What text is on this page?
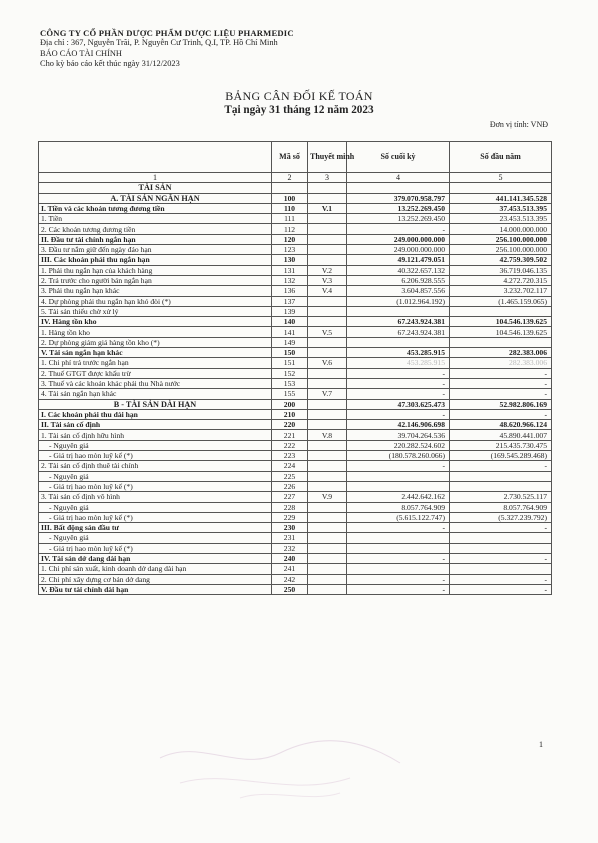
CÔNG TY CỔ PHẦN DƯỢC PHẨM DƯỢC LIỆU PHARMEDIC
Địa chỉ : 367, Nguyễn Trãi, P. Nguyễn Cư Trinh, Q.I, TP. Hồ Chí Minh
BÁO CÁO TÀI CHÍNH
Cho kỳ báo cáo kết thúc ngày 31/12/2023
BẢNG CÂN ĐỐI KẾ TOÁN
Tại ngày 31 tháng 12 năm 2023
Đơn vị tính: VNĐ
	Mã số	Thuyết minh	Số cuối kỳ	Số đầu năm
1	2	3	4	5
TÀI SẢN				
A. TÀI SẢN NGẮN HẠN	100		379.070.958.797	441.141.345.528
I. Tiền và các khoản tương đương tiền	110	V.1	13.252.269.450	37.453.513.395
1. Tiền	111		13.252.269.450	23.453.513.395
2. Các khoản tương đương tiền	112		-	14.000.000.000
II. Đầu tư tài chính ngắn hạn	120		249.000.000.000	256.100.000.000
3. Đầu tư nắm giữ đến ngày đáo hạn	123		249.000.000.000	256.100.000.000
III. Các khoản phải thu ngắn hạn	130		49.121.479.051	42.759.309.502
1. Phải thu ngắn hạn của khách hàng	131	V.2	40.322.657.132	36.719.046.135
2. Trả trước cho người bán ngắn hạn	132	V.3	6.206.928.555	4.272.720.315
3. Phải thu ngắn hạn khác	136	V.4	3.604.857.556	3.232.702.117
4. Dự phòng phải thu ngắn hạn khó đòi (*)	137		(1.012.964.192)	(1.465.159.065)
5. Tài sản thiếu chờ xử lý	139			
IV. Hàng tồn kho	140		67.243.924.381	104.546.139.625
1. Hàng tồn kho	141	V.5	67.243.924.381	104.546.139.625
2. Dự phòng giảm giá hàng tồn kho (*)	149			
V. Tài sản ngắn hạn khác	150		453.285.915	282.383.006
1. Chi phí trả trước ngắn hạn	151	V.6	453.285.915	282.383.006
2. Thuế GTGT được khấu trừ	152		-	-
3. Thuế và các khoản khác phải thu Nhà nước	153		-	-
4. Tài sản ngắn hạn khác	155	V.7	-	-
B - TÀI SẢN DÀI HẠN	200		47.303.625.473	52.982.806.169
I. Các khoản phải thu dài hạn	210		-	-
II. Tài sản cố định	220		42.146.906.698	48.620.966.124
1. Tài sản cố định hữu hình	221	V.8	39.704.264.536	45.890.441.007
- Nguyên giá	222		220.282.524.602	215.435.730.475
- Giá trị hao mòn luỹ kế (*)	223		(180.578.260.066)	(169.545.289.468)
2. Tài sản cố định thuê tài chính	224		-	-
- Nguyên giá	225			
- Giá trị hao mòn luỹ kế (*)	226			
3. Tài sản cố định vô hình	227	V.9	2.442.642.162	2.730.525.117
- Nguyên giá	228		8.057.764.909	8.057.764.909
- Giá trị hao mòn luỹ kế (*)	229		(5.615.122.747)	(5.327.239.792)
III. Bất động sản đầu tư	230		-	-
- Nguyên giá	231			
- Giá trị hao mòn luỹ kế (*)	232			
IV. Tài sản dở dang dài hạn	240		-	-
1. Chi phí sản xuất, kinh doanh dở dang dài hạn	241			
2. Chi phí xây dựng cơ bản dở dang	242		-	-
V. Đầu tư tài chính dài hạn	250		-	-
1
